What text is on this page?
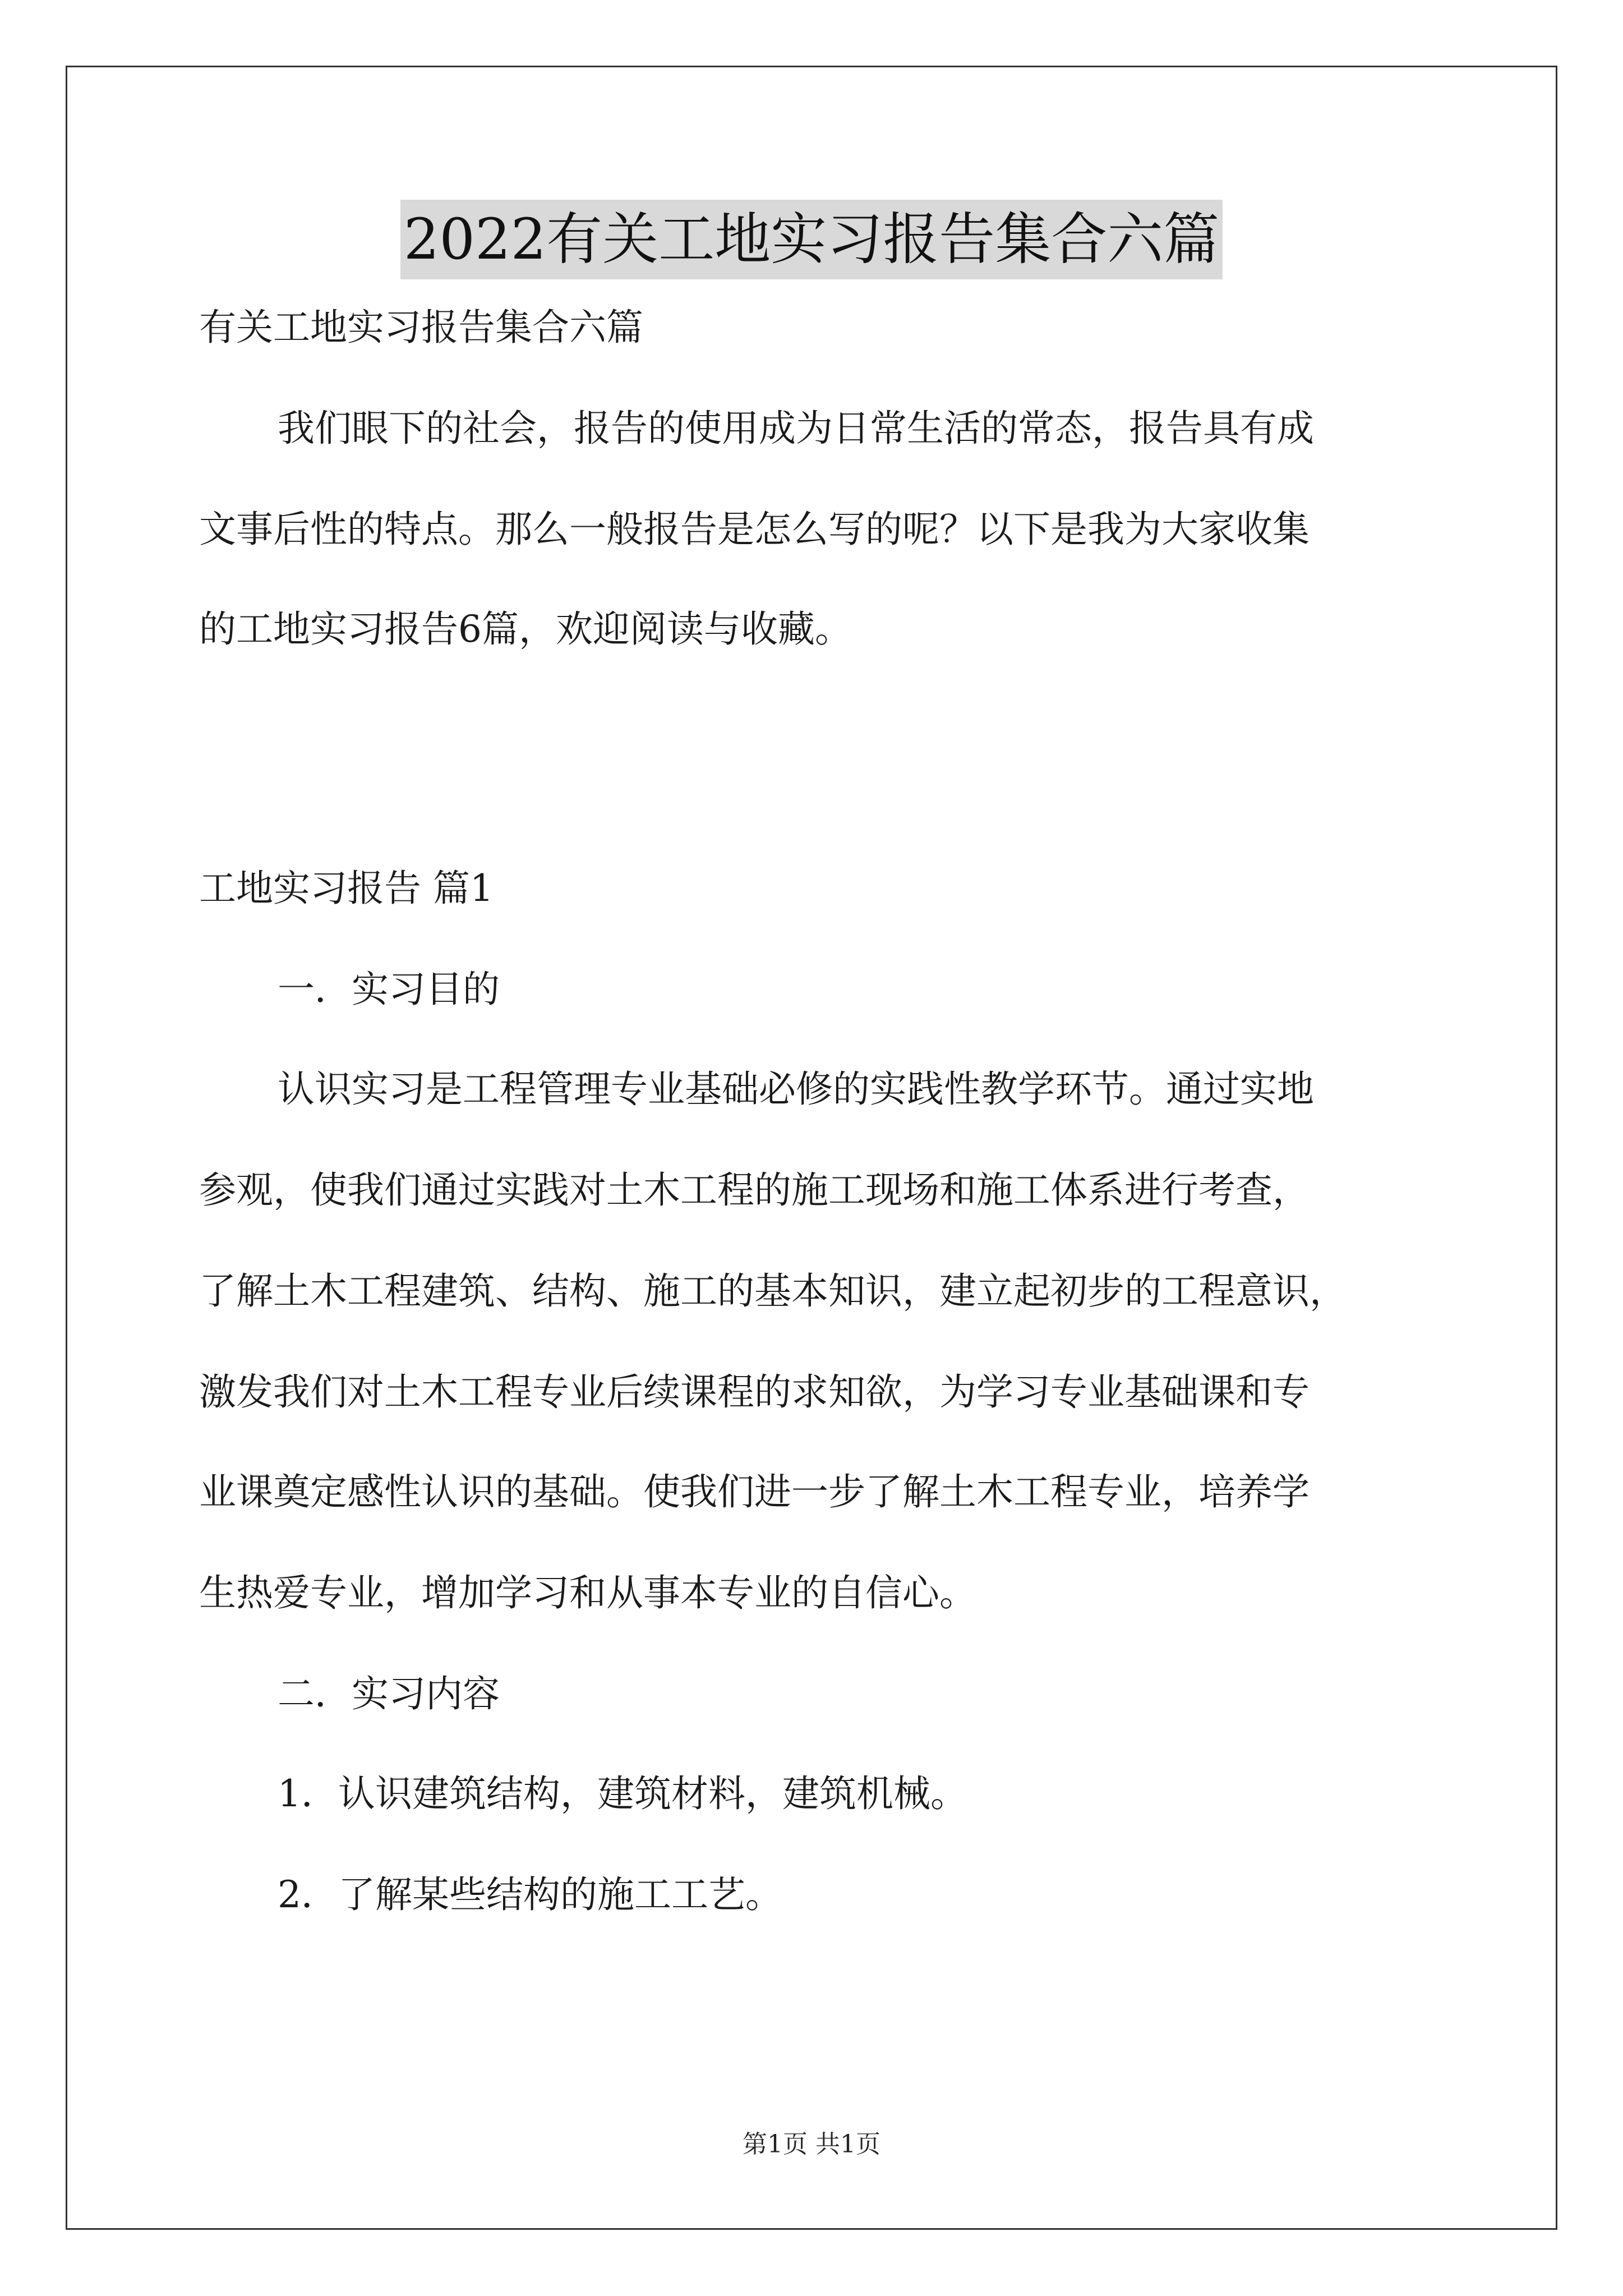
2022有关工地实习报告集合六篇
有关工地实习报告集合六篇
我们眼下的社会，报告的使用成为日常生活的常态，报告具有成
文事后性的特点。那么一般报告是怎么写的呢？以下是我为大家收集
的工地实习报告6篇，欢迎阅读与收藏。
工地实习报告 篇1
一．实习目的
认识实习是工程管理专业基础必修的实践性教学环节。通过实地
参观，使我们通过实践对土木工程的施工现场和施工体系进行考查，
了解土木工程建筑、结构、施工的基本知识，建立起初步的工程意识，
激发我们对土木工程专业后续课程的求知欲，为学习专业基础课和专
业课奠定感性认识的基础。使我们进一步了解土木工程专业，培养学
生热爱专业，增加学习和从事本专业的自信心。
二．实习内容
1．认识建筑结构，建筑材料，建筑机械。
2．了解某些结构的施工工艺。
第1页 共1页
